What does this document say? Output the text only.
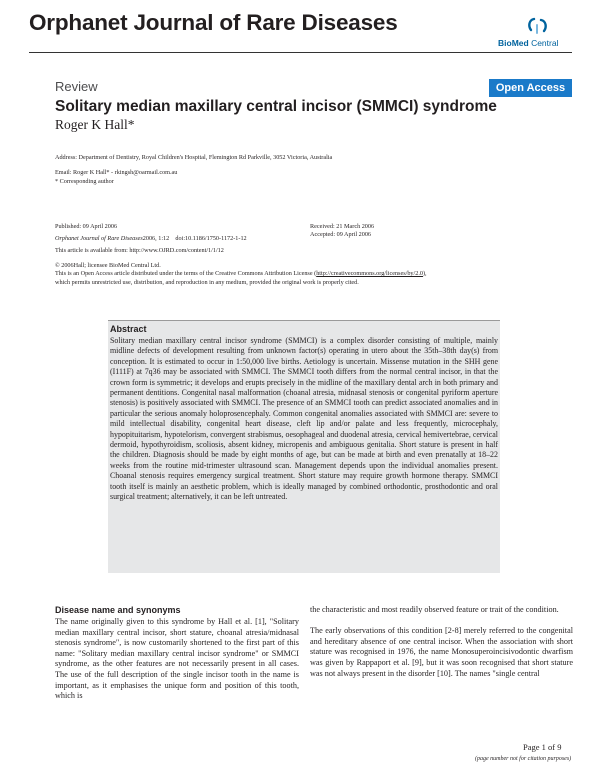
Orphanet Journal of Rare Diseases
BioMed Central
Review	Open Access
Solitary median maxillary central incisor (SMMCI) syndrome
Roger K Hall*
Address: Department of Dentistry, Royal Children's Hospital, Flemington Rd Parkville, 3052 Victoria, Australia
Email: Roger K Hall* - rkingsh@oarmail.com.au
* Corresponding author
Published: 09 April 2006
Orphanet Journal of Rare Diseases2006, 1:12    doi:10.1186/1750-1172-1-12
This article is available from: http://www.OJRD.com/content/1/1/12
Received: 21 March 2006
Accepted: 09 April 2006
© 2006Hall; licensee BioMed Central Ltd.
This is an Open Access article distributed under the terms of the Creative Commons Attribution License (http://creativecommons.org/licenses/by/2.0),
which permits unrestricted use, distribution, and reproduction in any medium, provided the original work is properly cited.
Abstract
Solitary median maxillary central incisor syndrome (SMMCI) is a complex disorder consisting of multiple, mainly midline defects of development resulting from unknown factor(s) operating in utero about the 35th–38th day(s) from conception. It is estimated to occur in 1:50,000 live births. Aetiology is uncertain. Missense mutation in the SHH gene (I111F) at 7q36 may be associated with SMMCI. The SMMCI tooth differs from the normal central incisor, in that the crown form is symmetric; it develops and erupts precisely in the midline of the maxillary dental arch in both primary and permanent dentitions. Congenital nasal malformation (choanal atresia, midnasal stenosis or congenital pyriform aperture stenosis) is positively associated with SMMCI. The presence of an SMMCI tooth can predict associated anomalies and in particular the serious anomaly holoprosencephaly. Common congenital anomalies associated with SMMCI are: severe to mild intellectual disability, congenital heart disease, cleft lip and/or palate and less frequently, microcephaly, hypopituitarism, hypotelorism, convergent strabismus, oesophageal and duodenal atresia, cervical hemivertebrae, cervical dermoid, hypothyroidism, scoliosis, absent kidney, micropenis and ambiguous genitalia. Short stature is present in half the children. Diagnosis should be made by eight months of age, but can be made at birth and even prenatally at 18–22 weeks from the routine mid-trimester ultrasound scan. Management depends upon the individual anomalies present. Choanal stenosis requires emergency surgical treatment. Short stature may require growth hormone therapy. SMMCI tooth itself is mainly an aesthetic problem, which is ideally managed by combined orthodontic, prosthodontic and oral surgical treatment; alternatively, it can be left untreated.
Disease name and synonyms

The name originally given to this syndrome by Hall et al. [1], "Solitary median maxillary central incisor, short stature, choanal atresia/midnasal stenosis syndrome", is now customarily shortened to the first part of this name: "Solitary median maxillary central incisor syndrome" or SMMCI syndrome, as the other features are not necessarily present in all cases. The use of the full description of the single incisor tooth in the name is important, as it emphasises the unique form and position of this tooth, which is

the characteristic and most readily observed feature or trait of the condition.

The early observations of this condition [2-8] merely referred to the congenital and hereditary absence of one central incisor. When the association with short stature was recognised in 1976, the name Monosuperoincisivodontic dwarfism was given by Rappaport et al. [9], but it was soon recognised that short stature was not always present in the disorder [10]. The names "single central

Page 1 of 9
(page number not for citation purposes)
